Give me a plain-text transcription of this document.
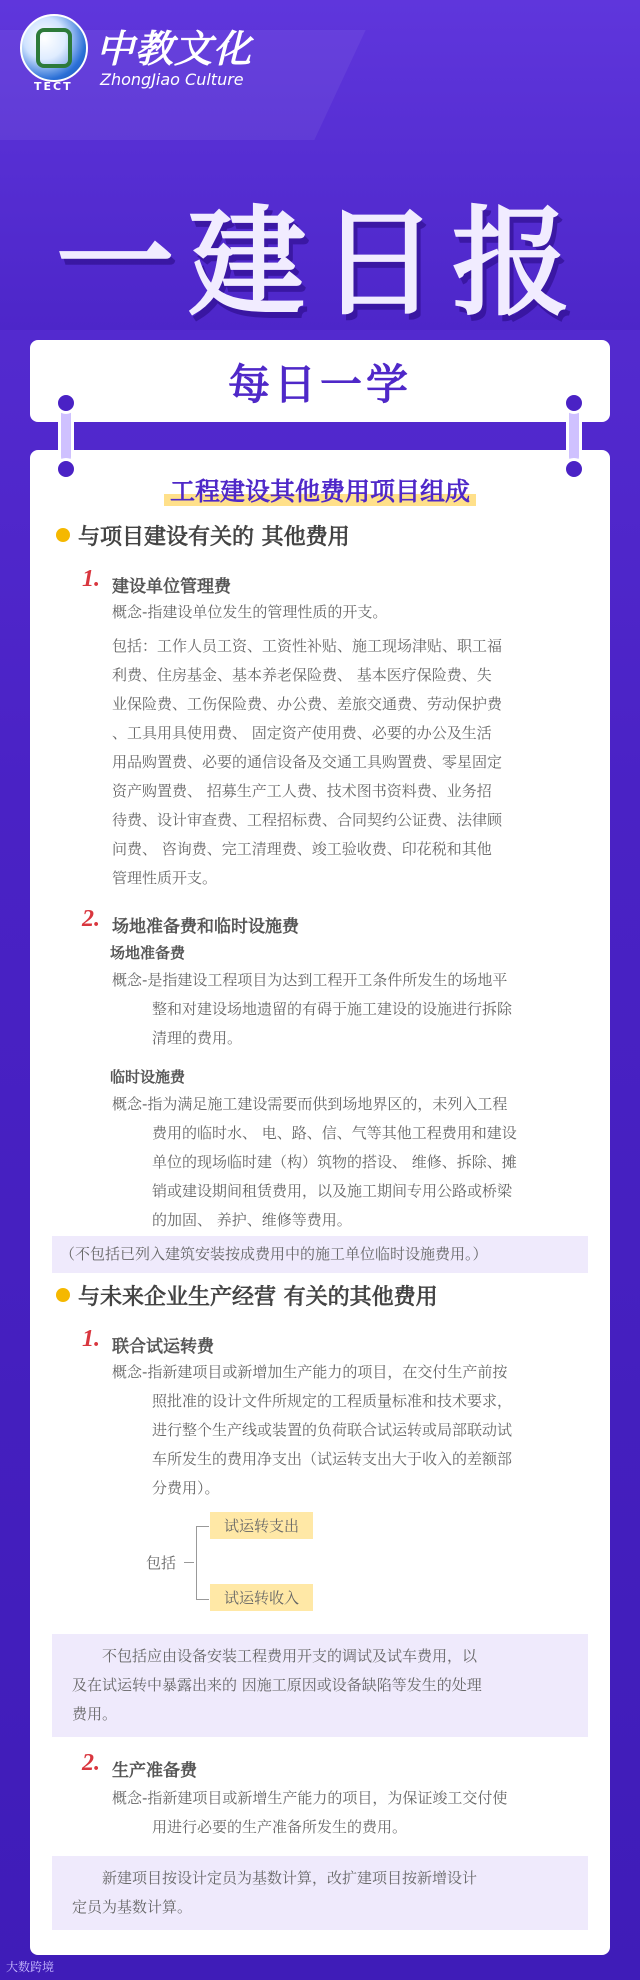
TECT
中教文化
ZhongJiao Culture
一建日报
每日一学
工程建设其他费用项目组成
与项目建设有关的 其他费用
1. 建设单位管理费
概念-指建设单位发生的管理性质的开支。
包括：工作人员工资、工资性补贴、施工现场津贴、职工福
利费、住房基金、基本养老保险费、 基本医疗保险费、失
业保险费、工伤保险费、办公费、差旅交通费、劳动保护费
、工具用具使用费、 固定资产使用费、必要的办公及生活
用品购置费、必要的通信设备及交通工具购置费、零星固定
资产购置费、 招募生产工人费、技术图书资料费、业务招
待费、设计审查费、工程招标费、合同契约公证费、法律顾
问费、 咨询费、完工清理费、竣工验收费、印花税和其他
管理性质开支。
2. 场地准备费和临时设施费
场地准备费
概念-是指建设工程项目为达到工程开工条件所发生的场地平
整和对建设场地遗留的有碍于施工建设的设施进行拆除
清理的费用。
临时设施费
概念-指为满足施工建设需要而供到场地界区的，未列入工程
费用的临时水、 电、路、信、气等其他工程费用和建设
单位的现场临时建（构）筑物的搭设、 维修、拆除、摊
销或建设期间租赁费用，以及施工期间专用公路或桥梁
的加固、 养护、维修等费用。
（不包括已列入建筑安装按成费用中的施工单位临时设施费用。）
与未来企业生产经营 有关的其他费用
1. 联合试运转费
概念-指新建项目或新增加生产能力的项目，在交付生产前按
照批准的设计文件所规定的工程质量标准和技术要求，
进行整个生产线或装置的负荷联合试运转或局部联动试
车所发生的费用净支出（试运转支出大于收入的差额部
分费用）。
包括
试运转支出
试运转收入
不包括应由设备安装工程费用开支的调试及试车费用，以
及在试运转中暴露出来的 因施工原因或设备缺陷等发生的处理
费用。
2. 生产准备费
概念-指新建项目或新增生产能力的项目，为保证竣工交付使
用进行必要的生产准备所发生的费用。
新建项目按设计定员为基数计算，改扩建项目按新增设计
定员为基数计算。
大数跨境
